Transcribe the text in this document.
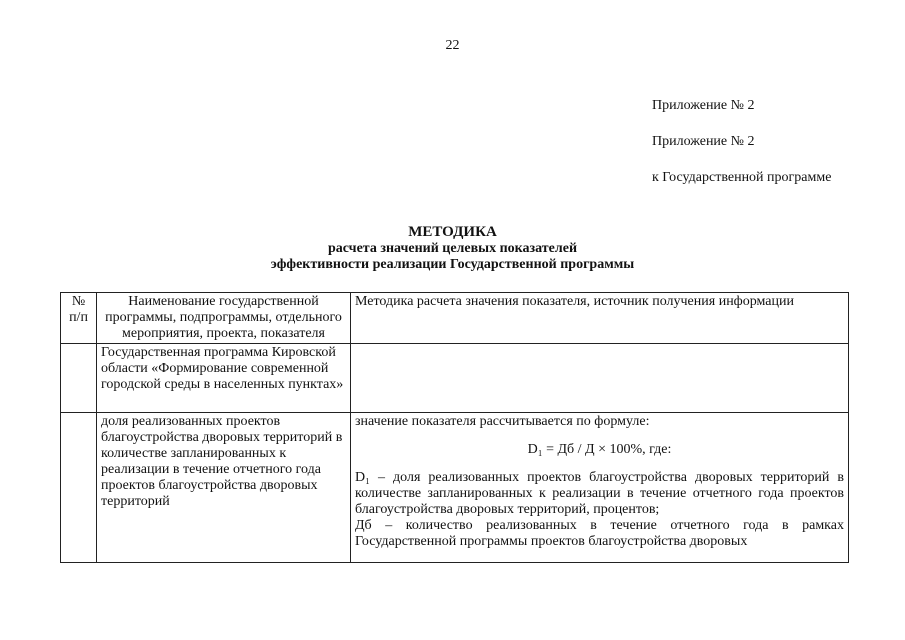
22
Приложение № 2
Приложение № 2
к Государственной программе
МЕТОДИКА
расчета значений целевых показателей
эффективности реализации Государственной программы
№ п/п	Наименование государственной программы, подпрограммы, отдельного мероприятия, проекта, показателя	Методика расчета значения показателя, источник получения информации
	Государственная программа Кировской области «Формирование современной городской среды в населенных пунктах»	
	доля реализованных проектов благоустройства дворовых территорий в количестве запланированных к реализации в течение отчетного года проектов благоустройства дворовых территорий	значение показателя рассчитывается по формуле:

D₁ = Дб / Д × 100%, где:

D₁ – доля реализованных проектов благоустройства дворовых территорий в количестве запланированных к реализации в течение отчетного года проектов благоустройства дворовых территорий, процентов;

Дб – количество реализованных в течение отчетного года в рамках Государственной программы проектов благоустройства дворовых
